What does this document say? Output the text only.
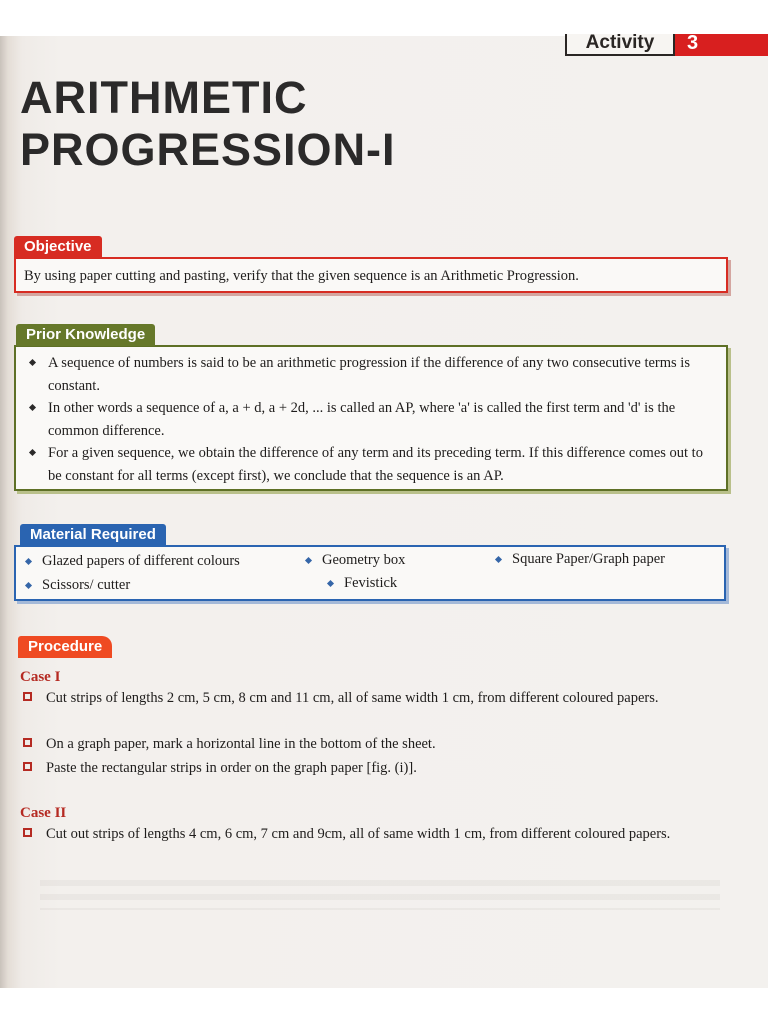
Activity	3
ARITHMETIC
PROGRESSION-I
Objective
By using paper cutting and pasting, verify that the given sequence is an Arithmetic Progression.
Prior Knowledge
A sequence of numbers is said to be an arithmetic progression if the difference of any two consecutive terms is constant.
In other words a sequence of a, a + d, a + 2d, ... is called an AP, where 'a' is called the first term and 'd' is the common difference.
For a given sequence, we obtain the difference of any term and its preceding term. If this difference comes out to be constant for all terms (except first), we conclude that the sequence is an AP.
Material Required
Glazed papers of different colours	Geometry box	Square Paper/Graph paper
Scissors/ cutter	Fevistick
Procedure
Case I
Cut strips of lengths 2 cm, 5 cm, 8 cm and 11 cm, all of same width 1 cm, from different coloured papers.
On a graph paper, mark a horizontal line in the bottom of the sheet.
Paste the rectangular strips in order on the graph paper [fig. (i)].
Case II
Cut out strips of lengths 4 cm, 6 cm, 7 cm and 9cm, all of same width 1 cm, from different coloured papers.
